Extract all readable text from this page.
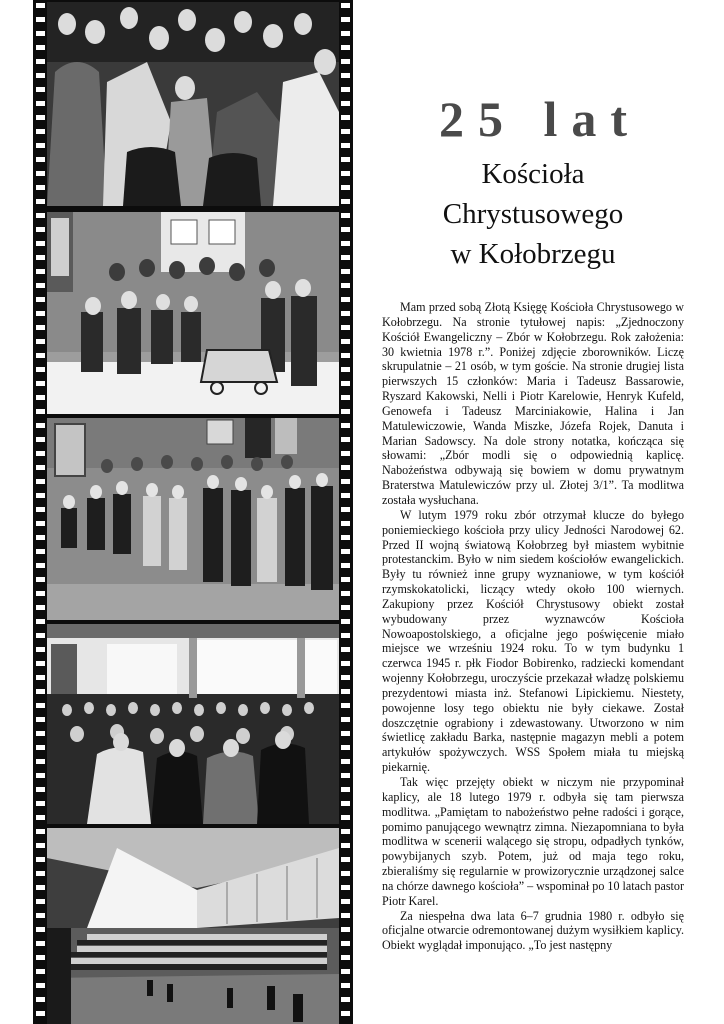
25 lat
Kościoła
Chrystusowego
w Kołobrzegu

Mam przed sobą Złotą Księgę Kościoła Chrystusowego w Kołobrzegu. Na stronie tytułowej napis: „Zjednoczony Kościół Ewangeliczny – Zbór w Kołobrzegu. Rok założenia: 30 kwietnia 1978 r.”. Poniżej zdjęcie zborowników. Liczę skrupulatnie – 21 osób, w tym goście. Na stronie drugiej lista pierwszych 15 członków: Maria i Tadeusz Bassarowie, Ryszard Kakowski, Nelli i Piotr Karelowie, Henryk Kufeld, Genowefa i Tadeusz Marciniakowie, Halina i Jan Matulewiczowie, Wanda Miszke, Józefa Rojek, Danuta i Marian Sadowscy. Na dole strony notatka, kończąca się słowami: „Zbór modli się o odpowiednią kaplicę. Nabożeństwa odbywają się bowiem w domu prywatnym Braterstwa Matulewiczów przy ul. Złotej 3/1”. Ta modlitwa została wysłuchana.

W lutym 1979 roku zbór otrzymał klucze do byłego poniemieckiego kościoła przy ulicy Jedności Narodowej 62. Przed II wojną światową Kołobrzeg był miastem wybitnie protestanckim. Było w nim siedem kościołów ewangelickich. Były tu również inne grupy wyznaniowe, w tym kościół rzymskokatolicki, liczący wtedy około 100 wiernych. Zakupiony przez Kościół Chrystusowy obiekt został wybudowany przez wyznawców Kościoła Nowoapostolskiego, a oficjalne jego poświęcenie miało miejsce we wrześniu 1924 roku. To w tym budynku 1 czerwca 1945 r. płk Fiodor Bobirenko, radziecki komendant wojenny Kołobrzegu, uroczyście przekazał władzę polskiemu prezydentowi miasta inż. Stefanowi Lipickiemu. Niestety, powojenne losy tego obiektu nie były ciekawe. Został doszczętnie ograbiony i zdewastowany. Utworzono w nim świetlicę zakładu Barka, następnie magazyn mebli a potem artykułów spożywczych. WSS Społem miała tu miejską piekarnię.

Tak więc przejęty obiekt w niczym nie przypominał kaplicy, ale 18 lutego 1979 r. odbyła się tam pierwsza modlitwa. „Pamiętam to nabożeństwo pełne radości i gorące, pomimo panującego wewnątrz zimna. Niezapomniana to była modlitwa w scenerii walącego się stropu, odpadłych tynków, powybijanych szyb. Potem, już od maja tego roku, zbieraliśmy się regularnie w prowizorycznie urządzonej salce na chórze dawnego kościoła” – wspominał po 10 latach pastor Piotr Karel.

Za niespełna dwa lata 6–7 grudnia 1980 r. odbyło się oficjalne otwarcie odremontowanej dużym wysiłkiem kaplicy. Obiekt wyglądał imponująco. „To jest następny
